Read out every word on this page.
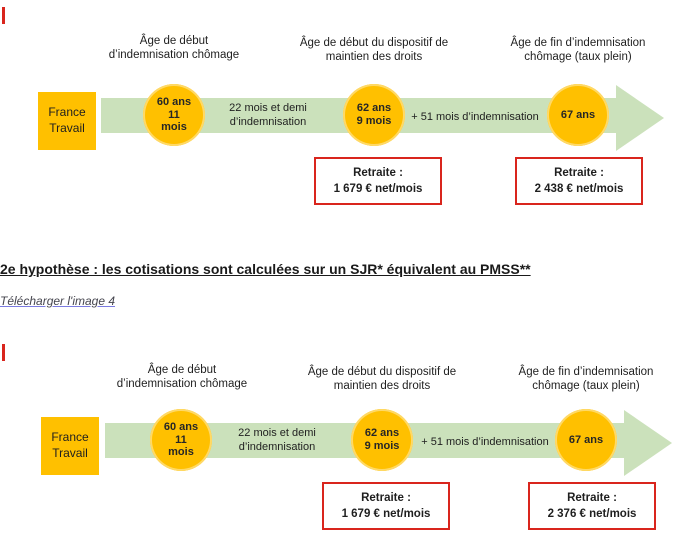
Âge de début
d’indemnisation chômage
Âge de début du dispositif de
maintien des droits
Âge de fin d’indemnisation
chômage (taux plein)
France Travail
60 ans
11
mois
62 ans
9 mois
67 ans
22 mois et demi
d’indemnisation	+ 51 mois d’indemnisation
Retraite :
1 679 € net/mois
Retraite :
2 438 € net/mois
2e hypothèse : les cotisations sont calculées sur un SJR* équivalent au PMSS**
Télécharger l'image 4
Âge de début
d’indemnisation chômage
Âge de début du dispositif de
maintien des droits
Âge de fin d’indemnisation
chômage (taux plein)
France Travail
60 ans
11
mois
62 ans
9 mois
67 ans
22 mois et demi
d’indemnisation	+ 51 mois d’indemnisation
Retraite :
1 679 € net/mois
Retraite :
2 376 € net/mois
